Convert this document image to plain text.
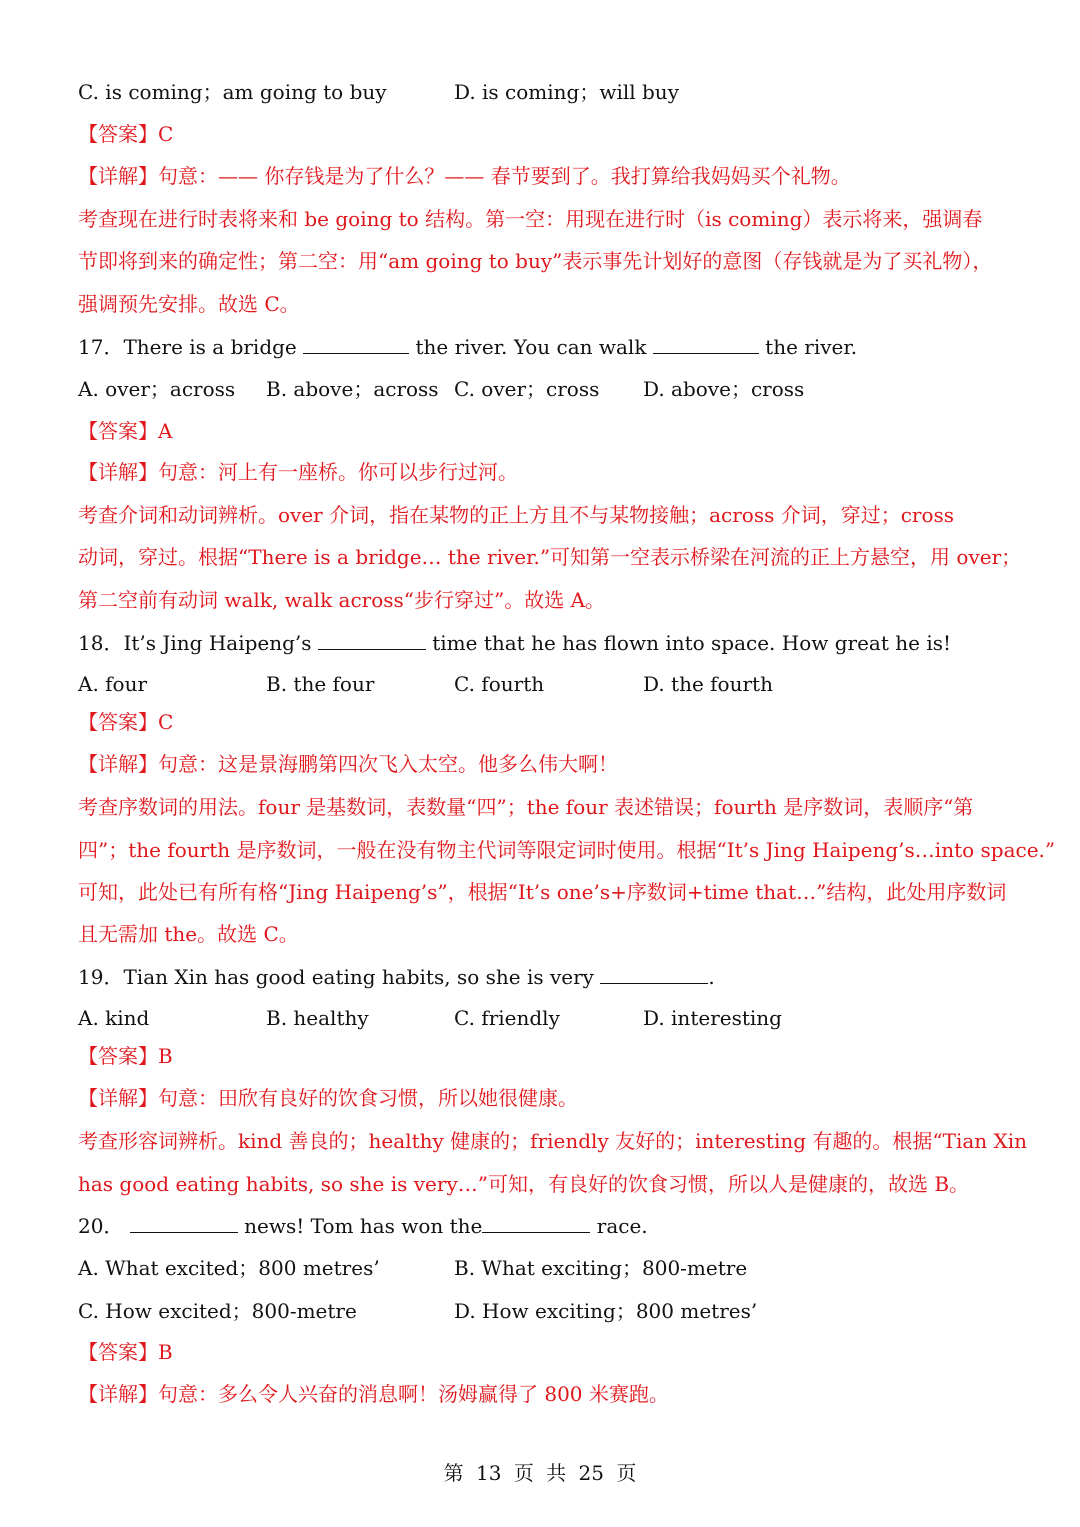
C. is coming；am going to buy	D. is coming；will buy
【答案】C
【详解】句意：—— 你存钱是为了什么？—— 春节要到了。我打算给我妈妈买个礼物。
考查现在进行时表将来和 be going to 结构。第一空：用现在进行时（is coming）表示将来，强调春
节即将到来的确定性；第二空：用“am going to buy”表示事先计划好的意图（存钱就是为了买礼物），
强调预先安排。故选 C。
17．There is a bridge	the river. You can walk	the river.
A. over；across B. above；across C. over；cross D. above；cross
【答案】A
【详解】句意：河上有一座桥。你可以步行过河。
考查介词和动词辨析。over 介词，指在某物的正上方且不与某物接触；across 介词，穿过；cross
动词，穿过。根据“There is a bridge… the river.”可知第一空表示桥梁在河流的正上方悬空，用 over；
第二空前有动词 walk, walk across“步行穿过”。故选 A。
18．It’s Jing Haipeng’s	time that he has flown into space. How great he is!
A. four	B. the four	C. fourth	D. the fourth
【答案】C
【详解】句意：这是景海鹏第四次飞入太空。他多么伟大啊！
考查序数词的用法。four 是基数词，表数量“四”；the four 表述错误；fourth 是序数词，表顺序“第
四”；the fourth 是序数词，一般在没有物主代词等限定词时使用。根据“It’s Jing Haipeng’s…into space.”
可知，此处已有所有格“Jing Haipeng’s”，根据“It’s one’s+序数词+time that…”结构，此处用序数词
且无需加 the。故选 C。
19．Tian Xin has good eating habits, so she is very	.
A. kind	B. healthy	C. friendly	D. interesting
【答案】B
【详解】句意：田欣有良好的饮食习惯，所以她很健康。
考查形容词辨析。kind 善良的；healthy 健康的；friendly 友好的；interesting 有趣的。根据“Tian Xin
has good eating habits, so she is very…”可知，有良好的饮食习惯，所以人是健康的，故选 B。
20．	news! Tom has won the	race.
A. What excited；800 metres’	B. What exciting；800-metre
C. How excited；800-metre	D. How exciting；800 metres’
【答案】B
【详解】句意：多么令人兴奋的消息啊！汤姆赢得了 800 米赛跑。
第 13 页 共 25 页
